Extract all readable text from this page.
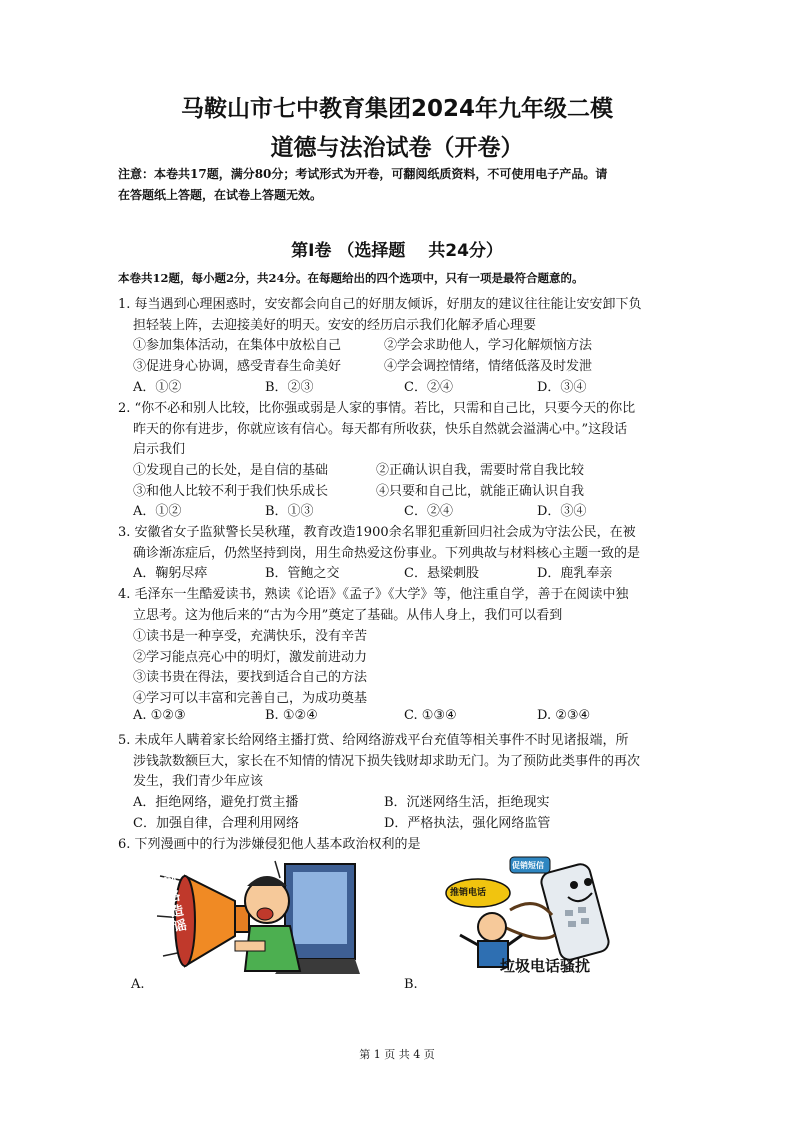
马鞍山市七中教育集团2024年九年级二模
道德与法治试卷（开卷）
注意：本卷共17题，满分80分；考试形式为开卷，可翻阅纸质资料，不可使用电子产品。请
在答题纸上答题，在试卷上答题无效。
第Ⅰ卷 （选择题　 共24分）
本卷共12题，每小题2分，共24分。在每题给出的四个选项中，只有一项是最符合题意的。
1. 每当遇到心理困惑时，安安都会向自己的好朋友倾诉，好朋友的建议往往能让安安卸下负
担轻装上阵，去迎接美好的明天。安安的经历启示我们化解矛盾心理要
①参加集体活动，在集体中放松自己	②学会求助他人，学习化解烦恼方法
③促进身心协调，感受青春生命美好	④学会调控情绪，情绪低落及时发泄
A．①②	B．②③	C．②④	D．③④
2. “你不必和别人比较，比你强或弱是人家的事情。若比，只需和自己比，只要今天的你比
昨天的你有进步，你就应该有信心。每天都有所收获，快乐自然就会溢满心中。”这段话
启示我们
①发现自己的长处，是自信的基础	②正确认识自我，需要时常自我比较
③和他人比较不利于我们快乐成长	④只要和自己比，就能正确认识自我
A．①②	B．①③	C．②④	D．③④
3. 安徽省女子监狱警长吴秋瑾，教育改造1900余名罪犯重新回归社会成为守法公民，在被
确诊渐冻症后，仍然坚持到岗，用生命热爱这份事业。下列典故与材料核心主题一致的是
A．鞠躬尽瘁	B．管鲍之交	C．悬梁刺股	D．鹿乳奉亲
4. 毛泽东一生酷爱读书，熟读《论语》《孟子》《大学》等，他注重自学，善于在阅读中独
立思考。这为他后来的“古为今用”奠定了基础。从伟人身上，我们可以看到
①读书是一种享受，充满快乐，没有辛苦
②学习能点亮心中的明灯，激发前进动力
③读书贵在得法，要找到适合自己的方法
④学习可以丰富和完善自己，为成功奠基
A. ①②③	B. ①②④	C. ①③④	D. ②③④
5. 未成年人瞒着家长给网络主播打赏、给网络游戏平台充值等相关事件不时见诸报端，所
涉钱款数额巨大，家长在不知情的情况下损失钱财却求助无门。为了预防此类事件的再次
发生，我们青少年应该
A．拒绝网络，避免打赏主播	B．沉迷网络生活，拒绝现实
C．加强自律，合理利用网络	D．严格执法，强化网络监管
6. 下列漫画中的行为涉嫌侵犯他人基本政治权利的是
网络造谣
A.
推销电话
促销短信
垃圾电话骚扰
B.
第 1 页 共 4 页
